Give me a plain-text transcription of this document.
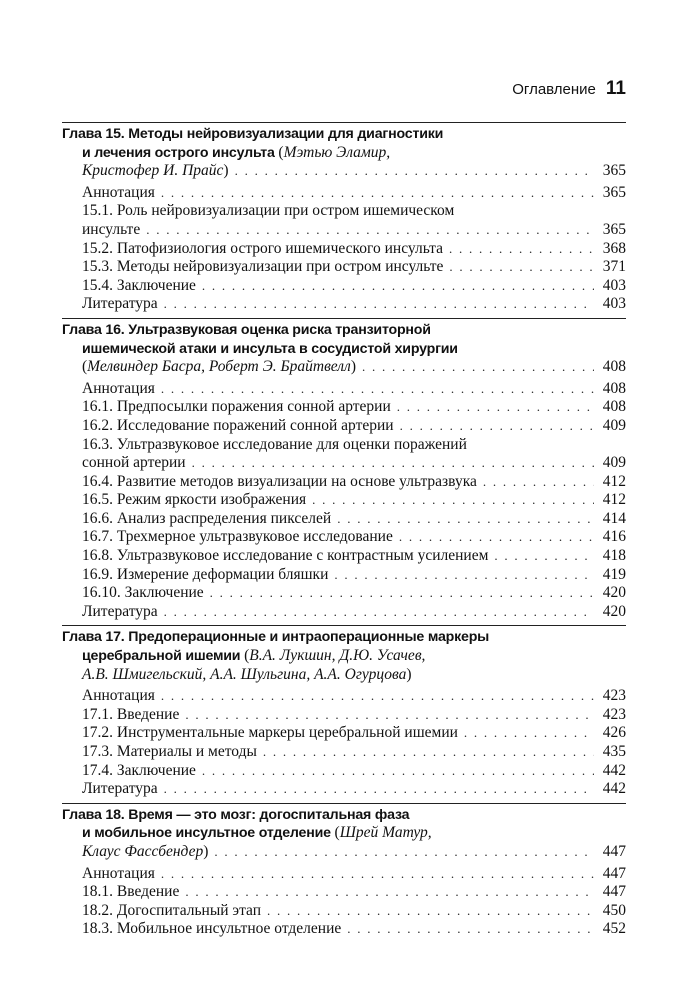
Оглавление 11
Глава 15. Методы нейровизуализации для диагностики
и лечения острого инсульта
( Мэтью Эламир,
Кристофер И. Прайс) . . .	365
Аннотация . . .	365
15.1. Роль нейровизуализации при остром ишемическом
инсульте . . .	365
15.2. Патофизиология острого ишемического инсульта . . .	368
15.3. Методы нейровизуализации при остром инсульте . . .	371
15.4. Заключение . . .	403
Литература . . .	403
Глава 16. Ультразвуковая оценка риска транзиторной
ишемической атаки и инсульта в сосудистой хирургии
(Мелвиндер Басра, Роберт Э. Брайтвелл) . . .	408
Аннотация . . .	408
16.1. Предпосылки поражения сонной артерии . . .	408
16.2. Исследование поражений сонной артерии . . .	409
16.3. Ультразвуковое исследование для оценки поражений
сонной артерии . . .	409
16.4. Развитие методов визуализации на основе ультразвука . . .	412
16.5. Режим яркости изображения . . .	412
16.6. Анализ распределения пикселей . . .	414
16.7. Трехмерное ультразвуковое исследование . . .	416
16.8. Ультразвуковое исследование с контрастным усилением . . .	418
16.9. Измерение деформации бляшки . . .	419
16.10. Заключение . . .	420
Литература . . .	420
Глава 17. Предоперационные и интраоперационные маркеры
церебральной ишемии
( В.А. Лукшин, Д.Ю. Усачев,
А.В. Шмигельский, А.А. Шульгина, А.А. Огурцова)
Аннотация . . .	423
17.1. Введение . . .	423
17.2. Инструментальные маркеры церебральной ишемии . . .	426
17.3. Материалы и методы . . .	435
17.4. Заключение . . .	442
Литература . . .	442
Глава 18. Время — это мозг: догоспитальная фаза
и мобильное инсультное отделение
( Шрей Матур,
Клаус Фассбендер) . . .	447
Аннотация . . .	447
18.1. Введение . . .	447
18.2. Догоспитальный этап . . .	450
18.3. Мобильное инсультное отделение . . .	452
